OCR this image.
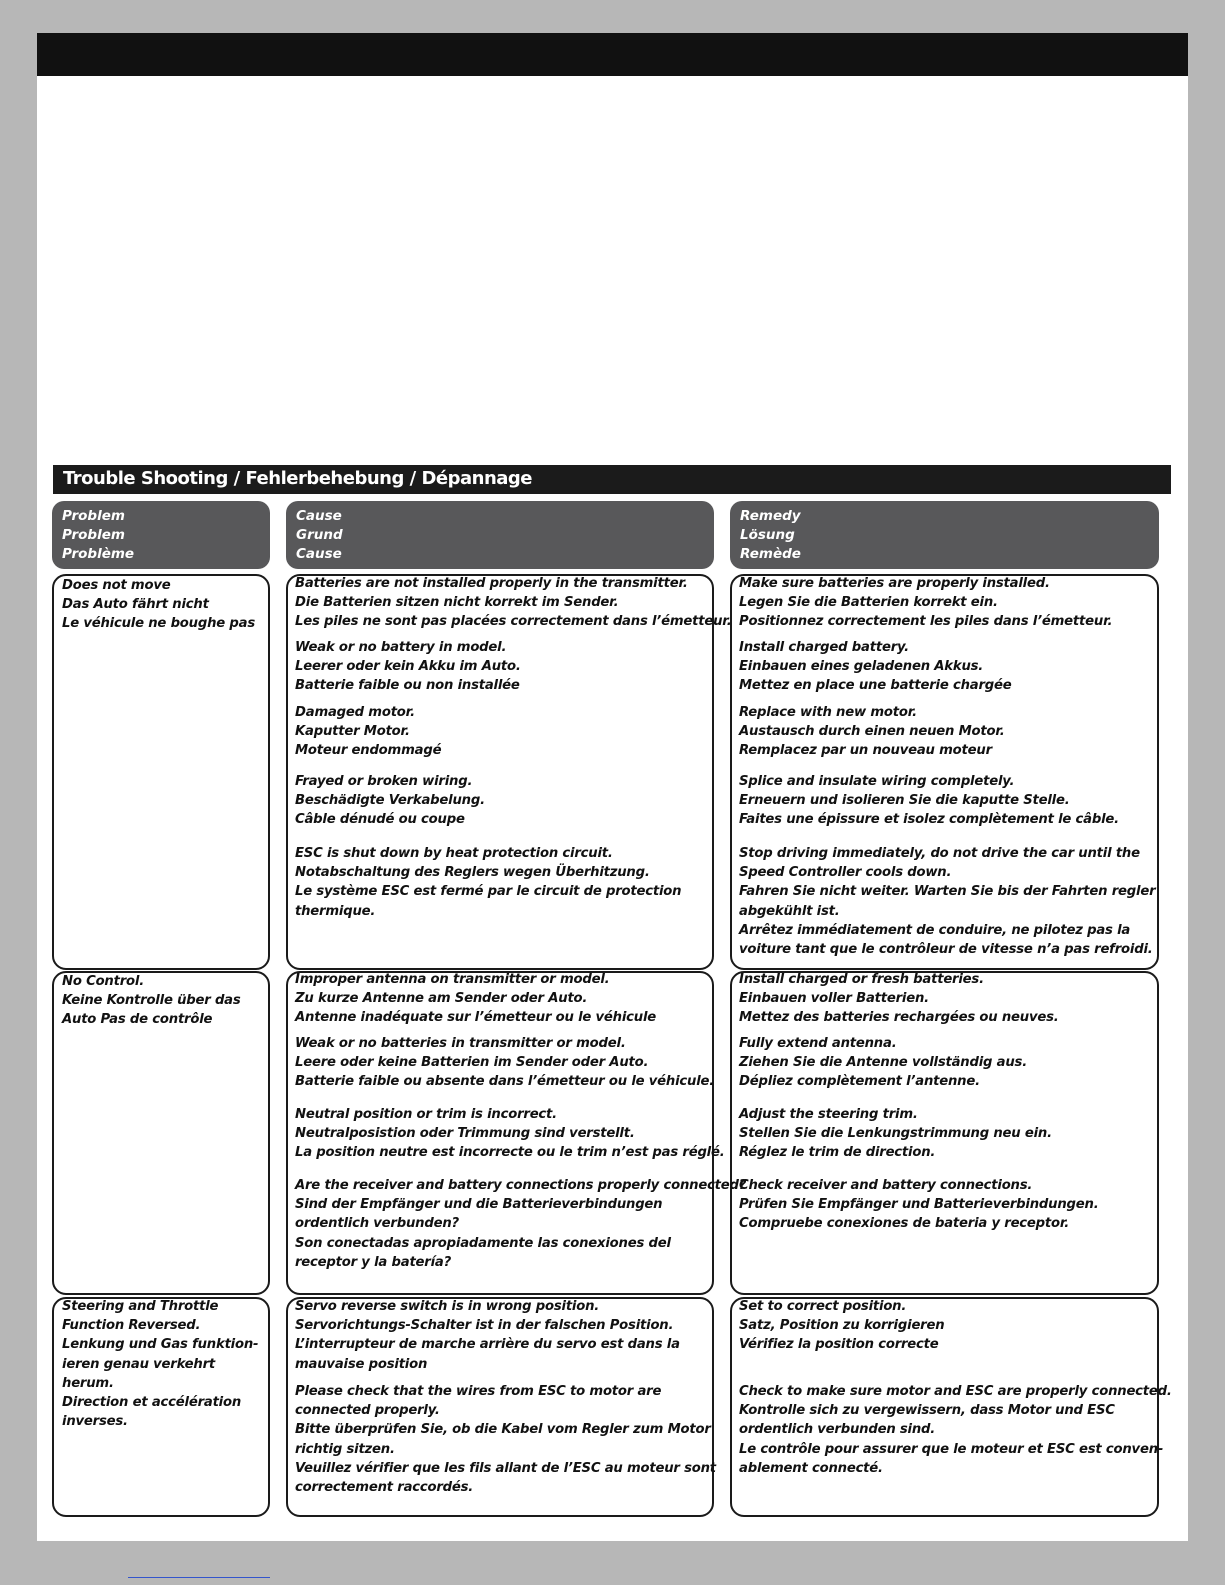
Trouble Shooting / Fehlerbehebung / Dépannage
Problem
Problem
Problème
Cause
Grund
Cause
Remedy
Lösung
Remède
Does not move
Das Auto fährt nicht
Le véhicule ne boughe pas
Batteries are not installed properly in the transmitter.
Die Batterien sitzen nicht korrekt im Sender.
Les piles ne sont pas placées correctement dans l’émetteur.
Weak or no battery in model.
Leerer oder kein Akku im Auto.
Batterie faible ou non installée
Damaged motor.
Kaputter Motor.
Moteur endommagé
Frayed or broken wiring.
Beschädigte Verkabelung.
Câble dénudé ou coupe
ESC is shut down by heat protection circuit.
Notabschaltung des Reglers wegen Überhitzung.
Le système ESC est fermé par le circuit de protection
thermique.
Make sure batteries are properly installed.
Legen Sie die Batterien korrekt ein.
Positionnez correctement les piles dans l’émetteur.
Install charged battery.
Einbauen eines geladenen Akkus.
Mettez en place une batterie chargée
Replace with new motor.
Austausch durch einen neuen Motor.
Remplacez par un nouveau moteur
Splice and insulate wiring completely.
Erneuern und isolieren Sie die kaputte Stelle.
Faites une épissure et isolez complètement le câble.
Stop driving immediately, do not drive the car until the
Speed Controller cools down.
Fahren Sie nicht weiter. Warten Sie bis der Fahrten regler
abgekühlt ist.
Arrêtez immédiatement de conduire, ne pilotez pas la
voiture tant que le contrôleur de vitesse n’a pas refroidi.
No Control.
Keine Kontrolle über das
Auto Pas de contrôle
Improper antenna on transmitter or model.
Zu kurze Antenne am Sender oder Auto.
Antenne inadéquate sur l’émetteur ou le véhicule
Weak or no batteries in transmitter or model.
Leere oder keine Batterien im Sender oder Auto.
Batterie faible ou absente dans l’émetteur ou le véhicule.
Neutral position or trim is incorrect.
Neutralposistion oder Trimmung sind verstellt.
La position neutre est incorrecte ou le trim n’est pas réglé.
Are the receiver and battery connections properly connected?
Sind der Empfänger und die Batterieverbindungen
ordentlich verbunden?
Son conectadas apropiadamente las conexiones del
receptor y la batería?
Install charged or fresh batteries.
Einbauen voller Batterien.
Mettez des batteries rechargées ou neuves.
Fully extend antenna.
Ziehen Sie die Antenne vollständig aus.
Dépliez complètement l’antenne.
Adjust the steering trim.
Stellen Sie die Lenkungstrimmung neu ein.
Réglez le trim de direction.
Check receiver and battery connections.
Prüfen Sie Empfänger und Batterieverbindungen.
Compruebe conexiones de bateria y receptor.
Steering and Throttle
Function Reversed.
Lenkung und Gas funktion-
ieren genau verkehrt
herum.
Direction et accélération
inverses.
Servo reverse switch is in wrong position.
Servorichtungs-Schalter ist in der falschen Position.
L’interrupteur de marche arrière du servo est dans la
mauvaise position
Please check that the wires from ESC to motor are
connected properly.
Bitte überprüfen Sie, ob die Kabel vom Regler zum Motor
richtig sitzen.
Veuillez vérifier que les fils allant de l’ESC au moteur sont
correctement raccordés.
Set to correct position.
Satz, Position zu korrigieren
Vérifiez la position correcte
Check to make sure motor and ESC are properly connected.
Kontrolle sich zu vergewissern, dass Motor und ESC
ordentlich verbunden sind.
Le contrôle pour assurer que le moteur et ESC est conven-
ablement connecté.
